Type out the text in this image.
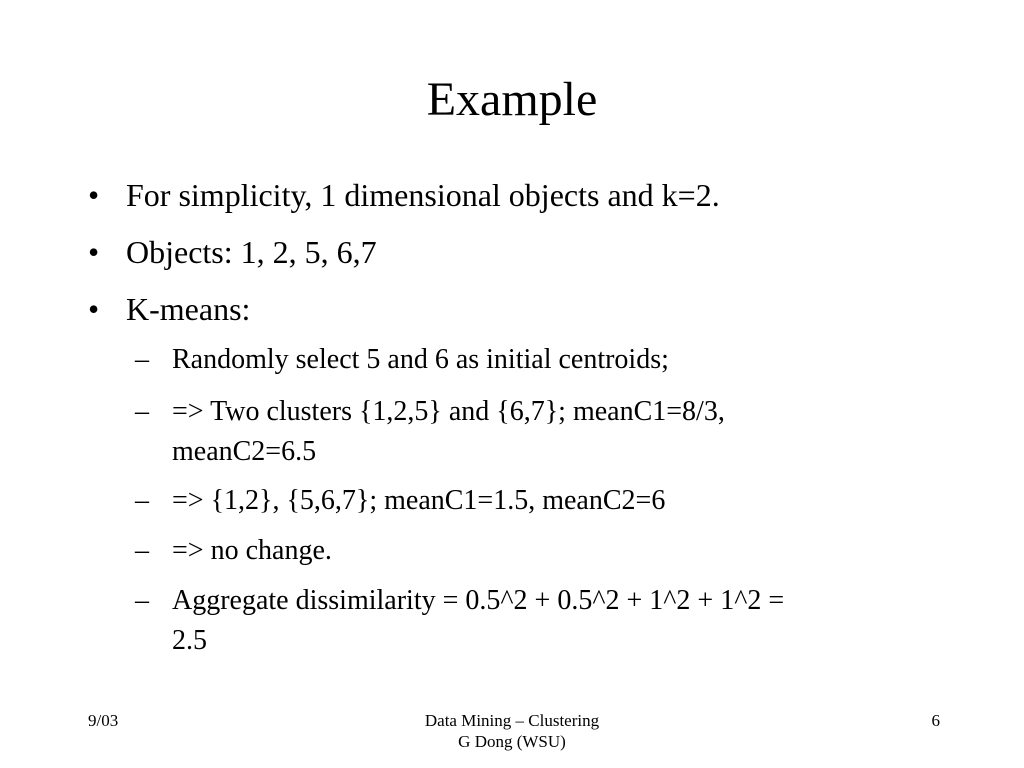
Example
• For simplicity, 1 dimensional objects and k=2.
• Objects: 1, 2, 5, 6,7
• K-means:
– Randomly select 5 and 6 as initial centroids;
– => Two clusters {1,2,5} and {6,7}; meanC1=8/3,
meanC2=6.5
– => {1,2}, {5,6,7}; meanC1=1.5, meanC2=6
– => no change.
– Aggregate dissimilarity = 0.5^2 + 0.5^2 + 1^2 + 1^2 =
2.5
9/03	Data Mining – Clustering
G Dong (WSU)
6
